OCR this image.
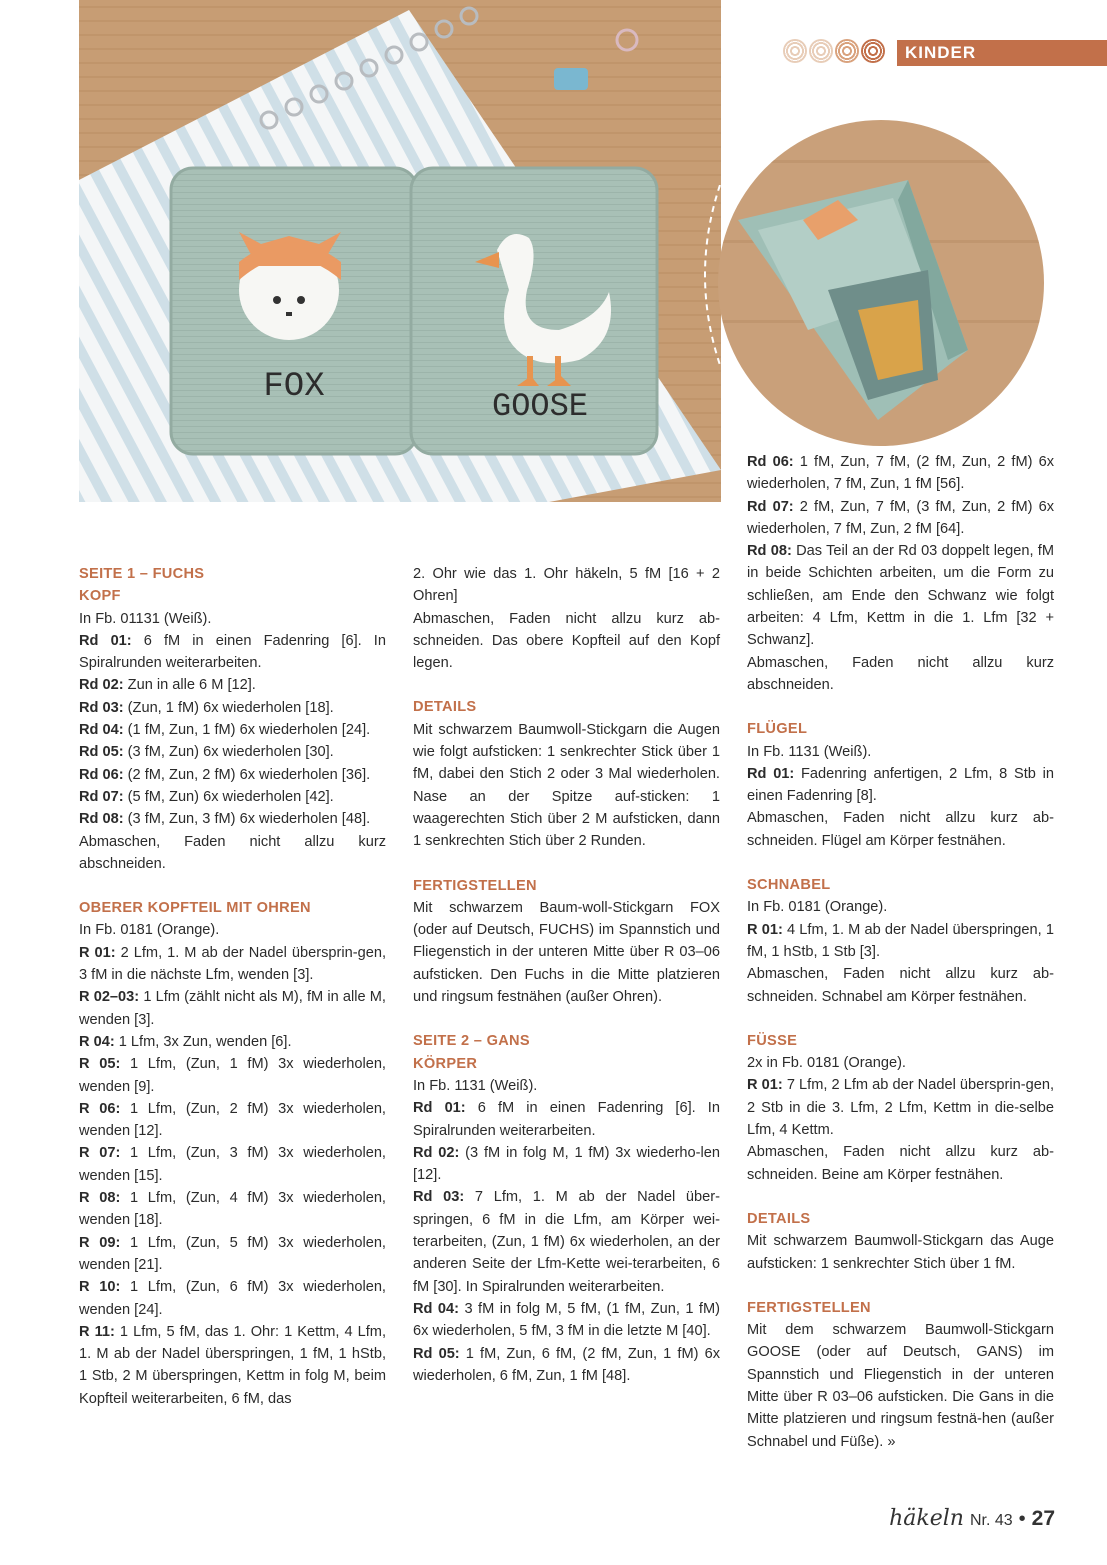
KINDER
FOX
GOOSE

SEITE 1 – FUCHS

KOPF

In Fb. 01131 (Weiß).

Rd 01: 6 fM in einen Fadenring [6]. In Spiralrunden weiterarbeiten.

Rd 02: Zun in alle 6 M [12].

Rd 03: (Zun, 1 fM) 6x wiederholen [18].

Rd 04: (1 fM, Zun, 1 fM) 6x wiederholen [24].

Rd 05: (3 fM, Zun) 6x wiederholen [30].

Rd 06: (2 fM, Zun, 2 fM) 6x wiederholen [36].

Rd 07: (5 fM, Zun) 6x wiederholen [42].

Rd 08: (3 fM, Zun, 3 fM) 6x wiederholen [48].

Abmaschen, Faden nicht allzu kurz abschneiden.

OBERER KOPFTEIL MIT OHREN

In Fb. 0181 (Orange).

R 01: 2 Lfm, 1. M ab der Nadel übersprin-gen, 3 fM in die nächste Lfm, wenden [3].

R 02–03: 1 Lfm (zählt nicht als M), fM in alle M, wenden [3].

R 04: 1 Lfm, 3x Zun, wenden [6].

R 05: 1 Lfm, (Zun, 1 fM) 3x wiederholen, wenden [9].

R 06: 1 Lfm, (Zun, 2 fM) 3x wiederholen, wenden [12].

R 07: 1 Lfm, (Zun, 3 fM) 3x wiederholen, wenden [15].

R 08: 1 Lfm, (Zun, 4 fM) 3x wiederholen, wenden [18].

R 09: 1 Lfm, (Zun, 5 fM) 3x wiederholen, wenden [21].

R 10: 1 Lfm, (Zun, 6 fM) 3x wiederholen, wenden [24].

R 11: 1 Lfm, 5 fM, das 1. Ohr: 1 Kettm, 4 Lfm, 1. M ab der Nadel überspringen, 1 fM, 1 hStb, 1 Stb, 2 M überspringen, Kettm in folg M, beim Kopfteil weiterarbeiten, 6 fM, das

2. Ohr wie das 1. Ohr häkeln, 5 fM [16 + 2 Ohren]

Abmaschen, Faden nicht allzu kurz ab-schneiden. Das obere Kopfteil auf den Kopf legen.

DETAILS

Mit schwarzem Baumwoll-Stickgarn die Augen wie folgt aufsticken: 1 senkrechter Stick über 1 fM, dabei den Stich 2 oder 3 Mal wiederholen. Nase an der Spitze auf-sticken: 1 waagerechten Stich über 2 M aufsticken, dann 1 senkrechten Stich über 2 Runden.

FERTIGSTELLEN

Mit schwarzem Baum-woll-Stickgarn FOX (oder auf Deutsch, FUCHS) im Spannstich und Fliegenstich in der unteren Mitte über R 03–06 aufsticken. Den Fuchs in die Mitte platzieren und ringsum festnähen (außer Ohren).

SEITE 2 – GANS

KÖRPER

In Fb. 1131 (Weiß).

Rd 01: 6 fM in einen Fadenring [6]. In Spiralrunden weiterarbeiten.

Rd 02: (3 fM in folg M, 1 fM) 3x wiederho-len [12].

Rd 03: 7 Lfm, 1. M ab der Nadel über-springen, 6 fM in die Lfm, am Körper wei-terarbeiten, (Zun, 1 fM) 6x wiederholen, an der anderen Seite der Lfm-Kette wei-terarbeiten, 6 fM [30]. In Spiralrunden weiterarbeiten.

Rd 04: 3 fM in folg M, 5 fM, (1 fM, Zun, 1 fM) 6x wiederholen, 5 fM, 3 fM in die letzte M [40].

Rd 05: 1 fM, Zun, 6 fM, (2 fM, Zun, 1 fM) 6x wiederholen, 6 fM, Zun, 1 fM [48].

Rd 06: 1 fM, Zun, 7 fM, (2 fM, Zun, 2 fM) 6x wiederholen, 7 fM, Zun, 1 fM [56].

Rd 07: 2 fM, Zun, 7 fM, (3 fM, Zun, 2 fM) 6x wiederholen, 7 fM, Zun, 2 fM [64].

Rd 08: Das Teil an der Rd 03 doppelt legen, fM in beide Schichten arbeiten, um die Form zu schließen, am Ende den Schwanz wie folgt arbeiten: 4 Lfm, Kettm in die 1. Lfm [32 + Schwanz].

Abmaschen, Faden nicht allzu kurz abschneiden.

FLÜGEL

In Fb. 1131 (Weiß).

Rd 01: Fadenring anfertigen, 2 Lfm, 8 Stb in einen Fadenring [8].

Abmaschen, Faden nicht allzu kurz ab-schneiden. Flügel am Körper festnähen.

SCHNABEL

In Fb. 0181 (Orange).

R 01: 4 Lfm, 1. M ab der Nadel überspringen, 1 fM, 1 hStb, 1 Stb [3].

Abmaschen, Faden nicht allzu kurz ab-schneiden. Schnabel am Körper festnähen.

FÜSSE

2x in Fb. 0181 (Orange).

R 01: 7 Lfm, 2 Lfm ab der Nadel übersprin-gen, 2 Stb in die 3. Lfm, 2 Lfm, Kettm in die-selbe Lfm, 4 Kettm.

Abmaschen, Faden nicht allzu kurz ab-schneiden. Beine am Körper festnähen.

DETAILS

Mit schwarzem Baumwoll-Stickgarn das Auge aufsticken: 1 senkrechter Stich über 1 fM.

FERTIGSTELLEN

Mit dem schwarzem Baumwoll-Stickgarn GOOSE (oder auf Deutsch, GANS) im Spannstich und Fliegenstich in der unteren Mitte über R 03–06 aufsticken. Die Gans in die Mitte platzieren und ringsum festnä-hen (außer Schnabel und Füße). »

häkeln Nr. 43 • 27
